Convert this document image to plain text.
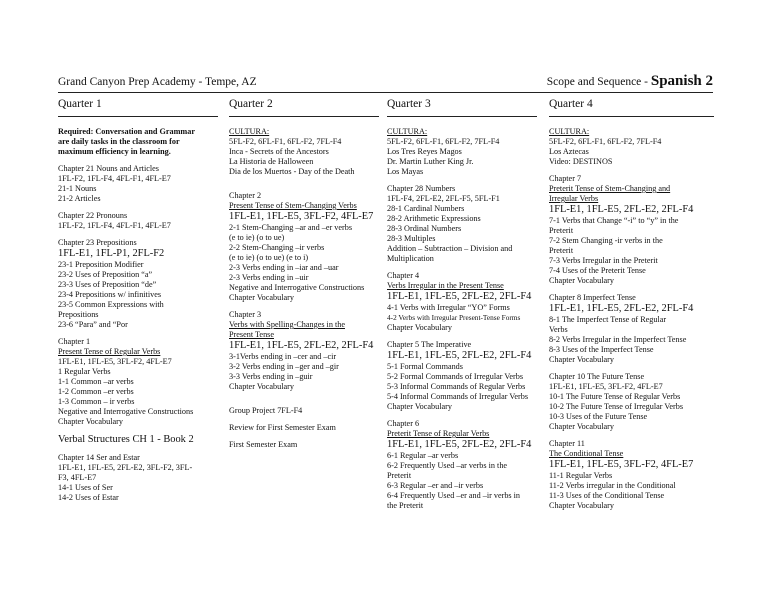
Grand Canyon Prep Academy - Tempe, AZ	Scope and Sequence - Spanish 2
Quarter 1
Required: Conversation and Grammar
are daily tasks in the classroom for
maximum efficiency in learning.
Chapter 21 Nouns and Articles
1FL-F2, 1FL-F4, 4FL-F1, 4FL-E7
21-1 Nouns
21-2 Articles
Chapter 22 Pronouns
1FL-F2, 1FL-F4, 4FL-F1, 4FL-E7
Chapter 23 Prepositions
1FL-E1, 1FL-P1, 2FL-F2
23-1 Preposition Modifier
23-2 Uses of Preposition “a”
23-3 Uses of Preposition “de”
23-4 Prepositions w/ infinitives
23-5 Common Expressions with
Prepositions
23-6 “Para” and “Por
Chapter 1
Present Tense of Regular Verbs
1FL-E1, 1FL-E5, 3FL-F2, 4FL-E7
1 Regular Verbs
1-1 Common –ar verbs
1-2 Common –er verbs
1-3 Common – ir verbs
Negative and Interrogative Constructions
Chapter Vocabulary
Verbal Structures CH 1 - Book 2
Chapter 14 Ser and Estar
1FL-E1, 1FL-E5, 2FL-E2, 3FL-F2, 3FL-
F3, 4FL-E7
14-1 Uses of Ser
14-2 Uses of Estar
Quarter 2
CULTURA:
5FL-F2, 6FL-F1, 6FL-F2, 7FL-F4
Inca - Secrets of the Ancestors
La Historia de Halloween
Dia de los Muertos - Day of the Death
Chapter 2
Present Tense of Stem-Changing Verbs
1FL-E1, 1FL-E5, 3FL-F2, 4FL-E7
2-1 Stem-Changing –ar and –er verbs
(e to ie) (o to ue)
2-2 Stem-Changing –ir verbs
(e to ie) (o to ue) (e to i)
2-3 Verbs ending in –iar and –uar
2-3 Verbs ending in –uir
Negative and Interrogative Constructions
Chapter Vocabulary
Chapter 3
Verbs with Spelling-Changes in the
Present Tense
1FL-E1, 1FL-E5, 2FL-E2, 2FL-F4
3-1Verbs ending in –cer and –cir
3-2 Verbs ending in –ger and –gir
3-3 Verbs ending in –guir
Chapter Vocabulary
Group Project 7FL-F4
Review for First Semester Exam
First Semester Exam
Quarter 3
CULTURA:
5FL-F2, 6FL-F1, 6FL-F2, 7FL-F4
Los Tres Reyes Magos
Dr. Martin Luther King Jr.
Los Mayas
Chapter 28 Numbers
1FL-F4, 2FL-E2, 2FL-F5, 5FL-F1
28-1 Cardinal Numbers
28-2 Arithmetic Expressions
28-3 Ordinal Numbers
28-3 Multiples
Addition – Subtraction – Division and
Multiplication
Chapter 4
Verbs Irregular in the Present Tense
1FL-E1, 1FL-E5, 2FL-E2, 2FL-F4
4-1 Verbs with Irregular “YO” Forms
4-2 Verbs with Irregular Present-Tense Forms
Chapter Vocabulary
Chapter 5 The Imperative
1FL-E1, 1FL-E5, 2FL-E2, 2FL-F4
5-1 Formal Commands
5-2 Formal Commands of Irregular Verbs
5-3 Informal Commands of Regular Verbs
5-4 Informal Commands of Irregular Verbs
Chapter Vocabulary
Chapter 6
Preterit Tense of Regular Verbs
1FL-E1, 1FL-E5, 2FL-E2, 2FL-F4
6-1 Regular –ar verbs
6-2 Frequently Used –ar verbs in the
Preterit
6-3 Regular –er and –ir verbs
6-4 Frequently Used –er and –ir verbs in
the Preterit
Quarter 4
CULTURA:
5FL-F2, 6FL-F1, 6FL-F2, 7FL-F4
Los Aztecas
Video: DESTINOS
Chapter 7
Preterit Tense of Stem-Changing and
Irregular Verbs
1FL-E1, 1FL-E5, 2FL-E2, 2FL-F4
7-1 Verbs that Change “-i” to “y” in the
Preterit
7-2 Stem Changing -ir verbs in the
Preterit
7-3 Verbs Irregular in the Preterit
7-4 Uses of the Preterit Tense
Chapter Vocabulary
Chapter 8 Imperfect Tense
1FL-E1, 1FL-E5, 2FL-E2, 2FL-F4
8-1 The Imperfect Tense of Regular
Verbs
8-2 Verbs Irregular in the Imperfect Tense
8-3 Uses of the Imperfect Tense
Chapter Vocabulary
Chapter 10 The Future Tense
1FL-E1, 1FL-E5, 3FL-F2, 4FL-E7
10-1 The Future Tense of Regular Verbs
10-2 The Future Tense of Irregular Verbs
10-3 Uses of the Future Tense
Chapter Vocabulary
Chapter 11
The Conditional Tense
1FL-E1, 1FL-E5, 3FL-F2, 4FL-E7
11-1 Regular Verbs
11-2 Verbs irregular in the Conditional
11-3 Uses of the Conditional Tense
Chapter Vocabulary
